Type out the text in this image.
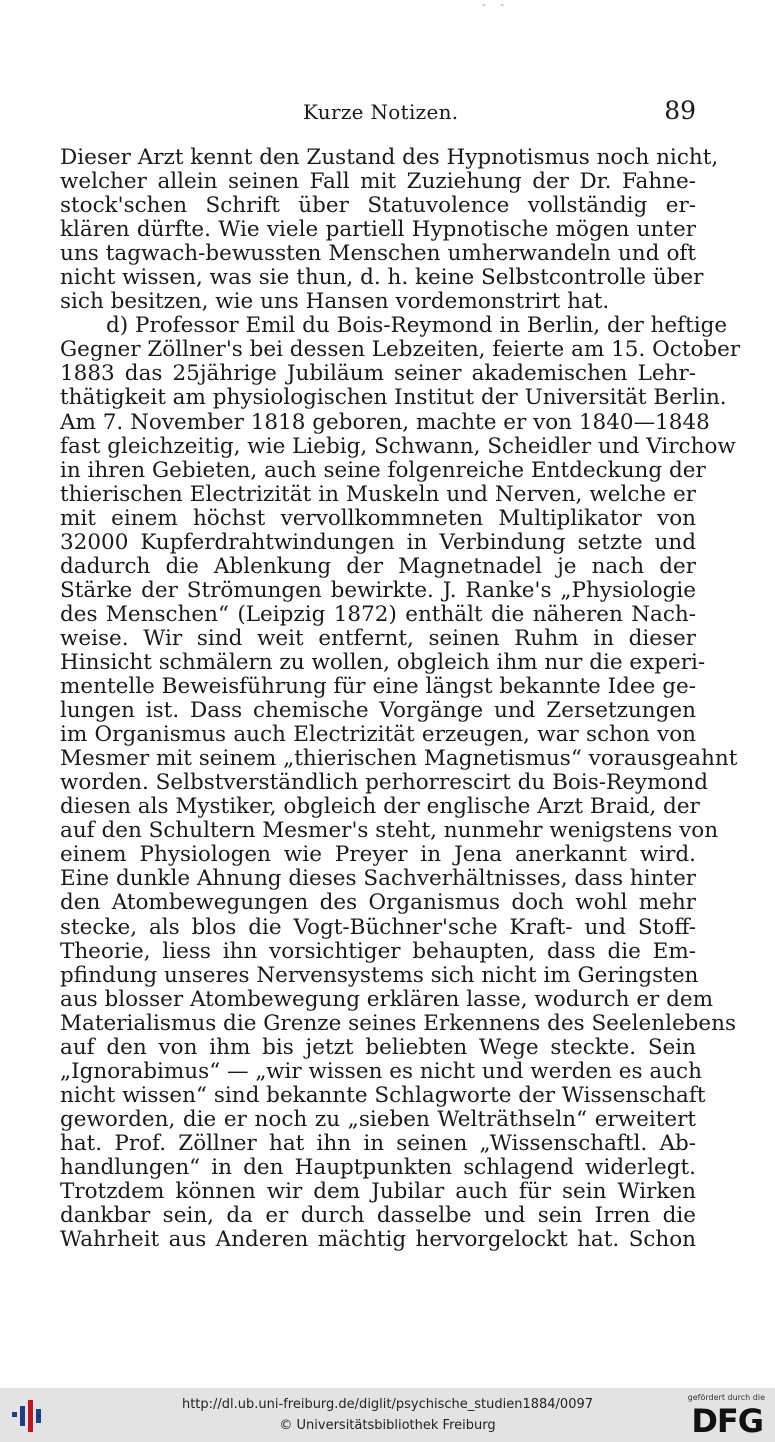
- -
Kurze Notizen.	89
Dieser Arzt kennt den Zustand des Hypnotismus noch nicht,
welcher allein seinen Fall mit Zuziehung der Dr. Fahne-
stock'schen Schrift über Statuvolence vollständig er-
klären dürfte. Wie viele partiell Hypnotische mögen unter
uns tagwach-bewussten Menschen umherwandeln und oft
nicht wissen, was sie thun, d. h. keine Selbstcontrolle über
sich besitzen, wie uns Hansen vordemonstrirt hat.
d) Professor Emil du Bois-Reymond in Berlin, der heftige
Gegner Zöllner's bei dessen Lebzeiten, feierte am 15. October
1883 das 25jährige Jubiläum seiner akademischen Lehr-
thätigkeit am physiologischen Institut der Universität Berlin.
Am 7. November 1818 geboren, machte er von 1840—1848
fast gleichzeitig, wie Liebig, Schwann, Scheidler und Virchow
in ihren Gebieten, auch seine folgenreiche Entdeckung der
thierischen Electrizität in Muskeln und Nerven, welche er
mit einem höchst vervollkommneten Multiplikator von
32000 Kupferdrahtwindungen in Verbindung setzte und
dadurch die Ablenkung der Magnetnadel je nach der
Stärke der Strömungen bewirkte. J. Ranke's „Physiologie
des Menschen“ (Leipzig 1872) enthält die näheren Nach-
weise. Wir sind weit entfernt, seinen Ruhm in dieser
Hinsicht schmälern zu wollen, obgleich ihm nur die experi-
mentelle Beweisführung für eine längst bekannte Idee ge-
lungen ist. Dass chemische Vorgänge und Zersetzungen
im Organismus auch Electrizität erzeugen, war schon von
Mesmer mit seinem „thierischen Magnetismus“ vorausgeahnt
worden. Selbstverständlich perhorrescirt du Bois-Reymond
diesen als Mystiker, obgleich der englische Arzt Braid, der
auf den Schultern Mesmer's steht, nunmehr wenigstens von
einem Physiologen wie Preyer in Jena anerkannt wird.
Eine dunkle Ahnung dieses Sachverhältnisses, dass hinter
den Atombewegungen des Organismus doch wohl mehr
stecke, als blos die Vogt-Büchner'sche Kraft- und Stoff-
Theorie, liess ihn vorsichtiger behaupten, dass die Em-
pfindung unseres Nervensystems sich nicht im Geringsten
aus blosser Atombewegung erklären lasse, wodurch er dem
Materialismus die Grenze seines Erkennens des Seelenlebens
auf den von ihm bis jetzt beliebten Wege steckte. Sein
„Ignorabimus“ — „wir wissen es nicht und werden es auch
nicht wissen“ sind bekannte Schlagworte der Wissenschaft
geworden, die er noch zu „sieben Welträthseln“ erweitert
hat. Prof. Zöllner hat ihn in seinen „Wissenschaftl. Ab-
handlungen“ in den Hauptpunkten schlagend widerlegt.
Trotzdem können wir dem Jubilar auch für sein Wirken
dankbar sein, da er durch dasselbe und sein Irren die
Wahrheit aus Anderen mächtig hervorgelockt hat. Schon
http://dl.ub.uni-freiburg.de/diglit/psychische_studien1884/0097
© Universitätsbibliothek Freiburg
gefördert durch die
DFG
